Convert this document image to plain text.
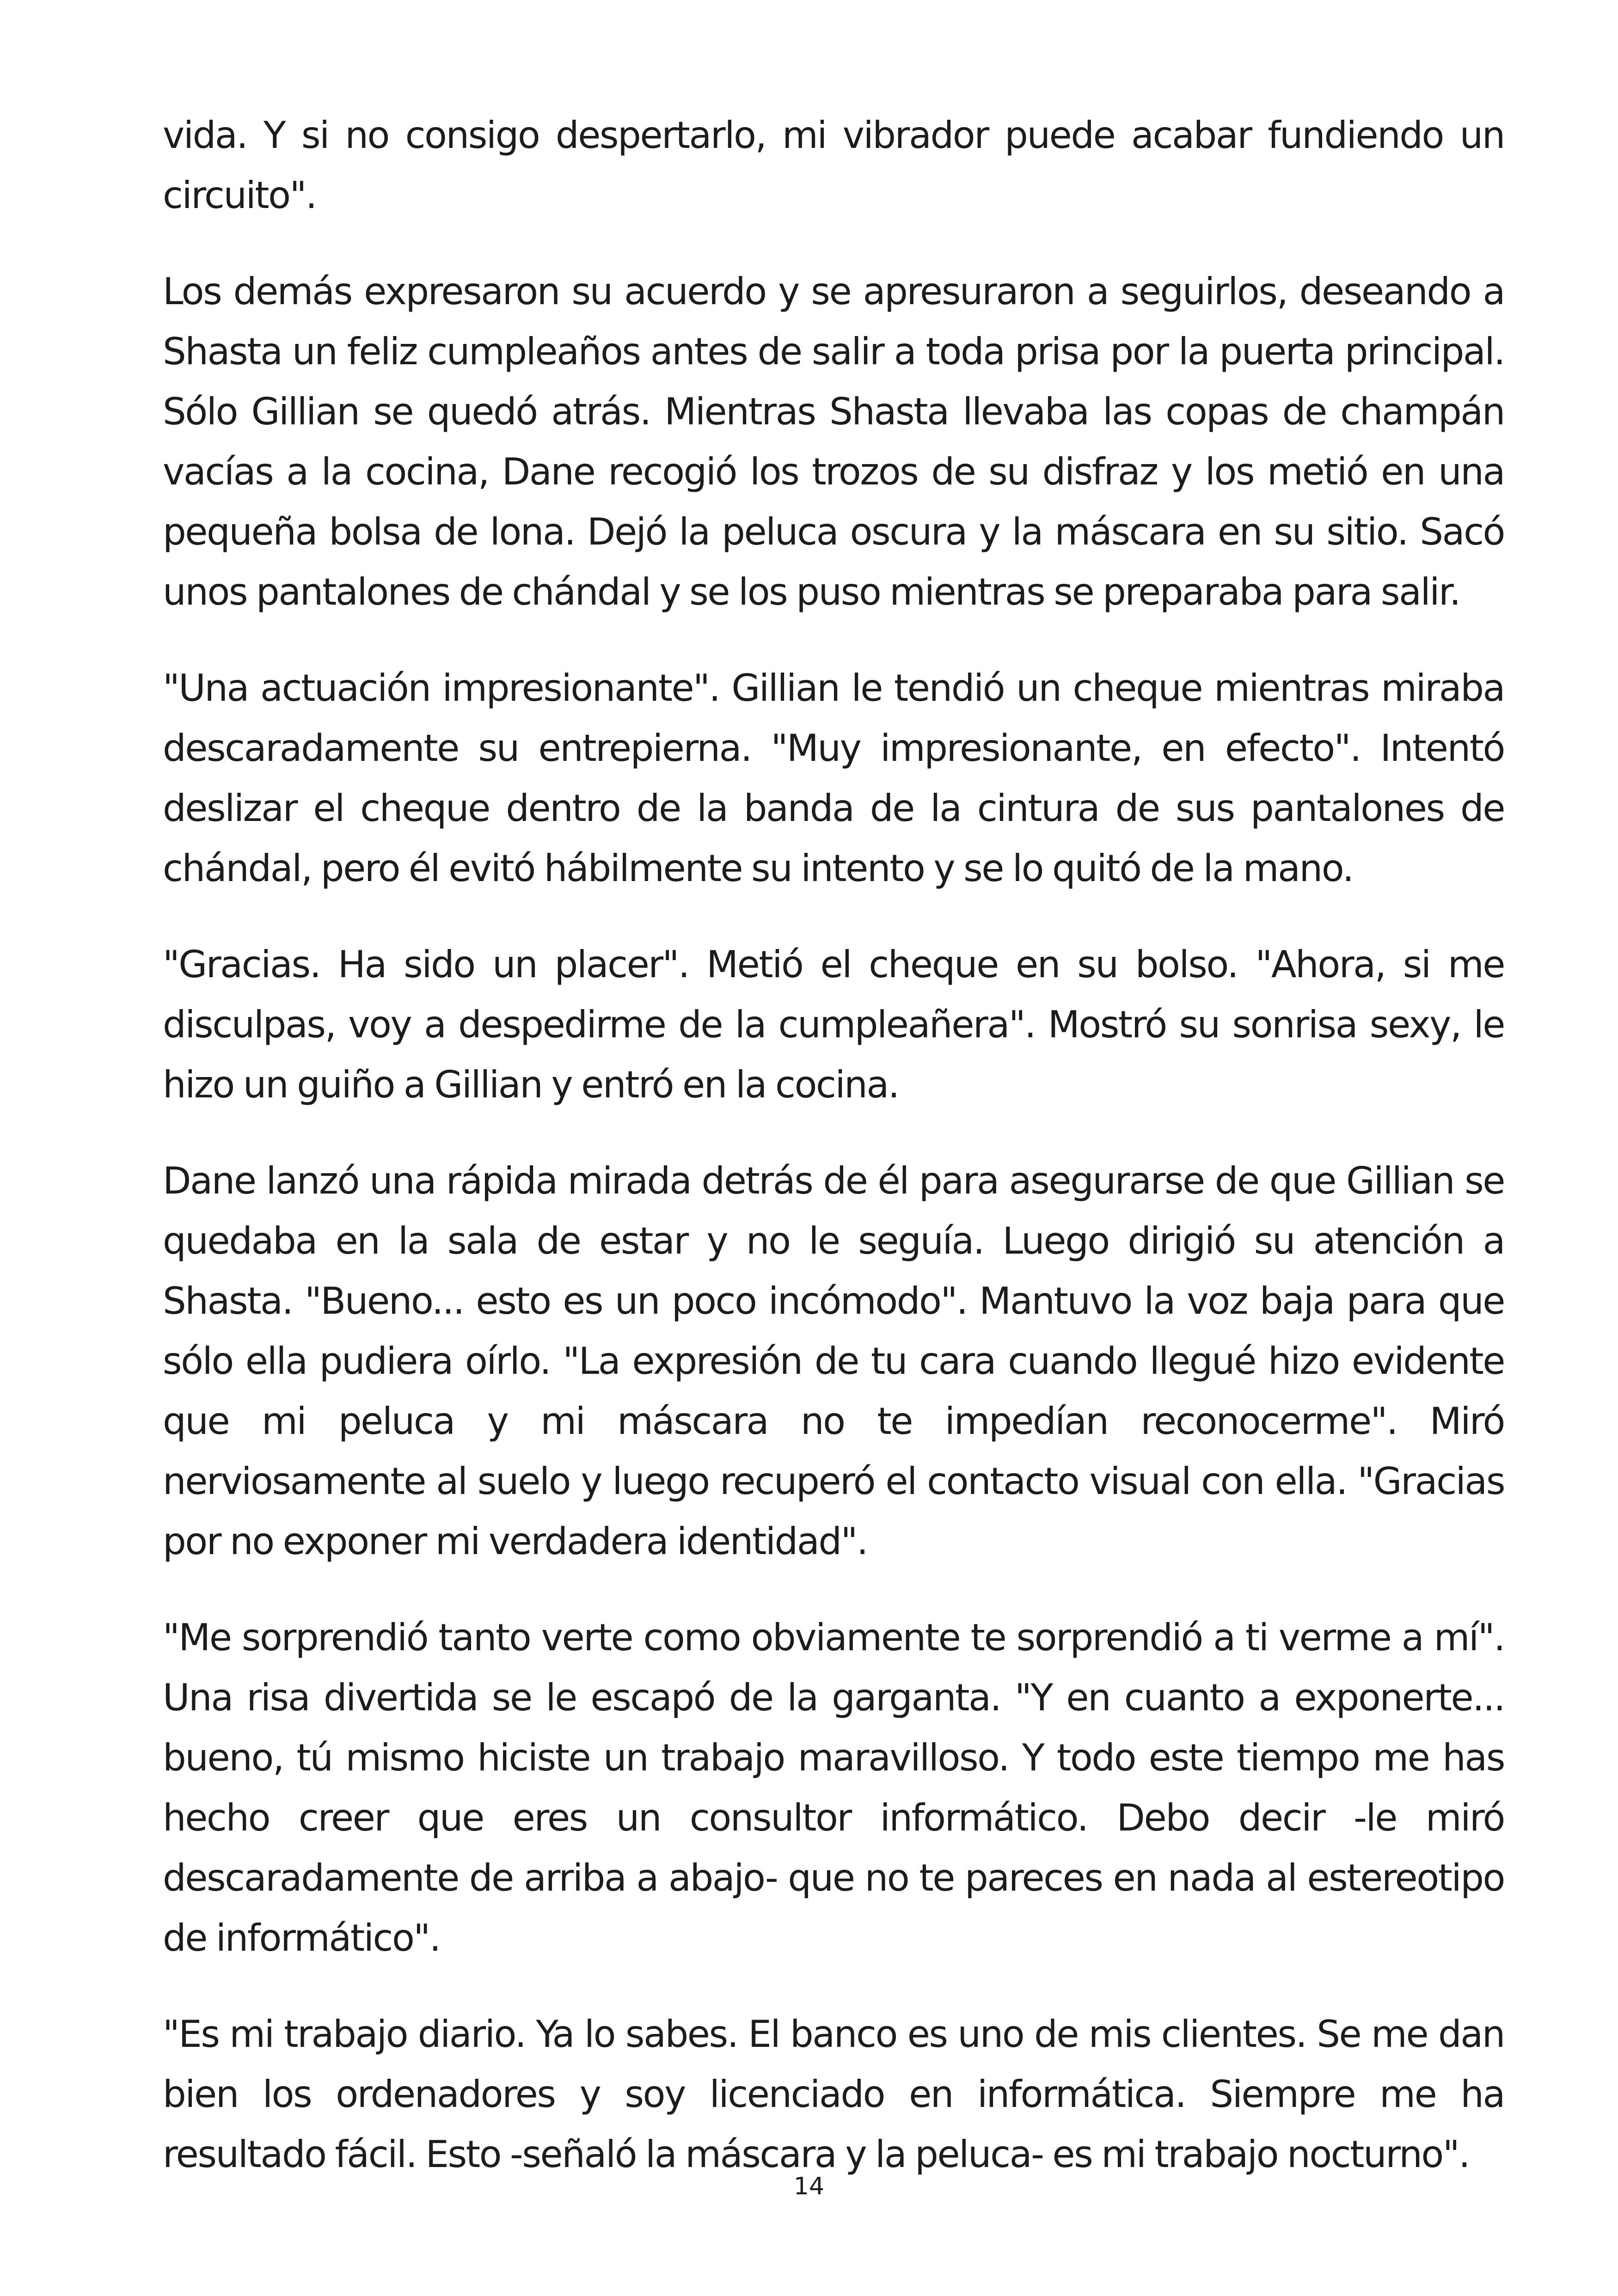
vida. Y si no consigo despertarlo, mi vibrador puede acabar fundiendo un circuito".

Los demás expresaron su acuerdo y se apresuraron a seguirlos, deseando a Shasta un feliz cumpleaños antes de salir a toda prisa por la puerta principal. Sólo Gillian se quedó atrás. Mientras Shasta llevaba las copas de champán vacías a la cocina, Dane recogió los trozos de su disfraz y los metió en una pequeña bolsa de lona. Dejó la peluca oscura y la máscara en su sitio. Sacó unos pantalones de chándal y se los puso mientras se preparaba para salir.

"Una actuación impresionante". Gillian le tendió un cheque mientras miraba descaradamente su entrepierna. "Muy impresionante, en efecto". Intentó deslizar el cheque dentro de la banda de la cintura de sus pantalones de chándal, pero él evitó hábilmente su intento y se lo quitó de la mano.

"Gracias. Ha sido un placer". Metió el cheque en su bolso. "Ahora, si me disculpas, voy a despedirme de la cumpleañera". Mostró su sonrisa sexy, le hizo un guiño a Gillian y entró en la cocina.

Dane lanzó una rápida mirada detrás de él para asegurarse de que Gillian se quedaba en la sala de estar y no le seguía. Luego dirigió su atención a Shasta. "Bueno... esto es un poco incómodo". Mantuvo la voz baja para que sólo ella pudiera oírlo. "La expresión de tu cara cuando llegué hizo evidente que mi peluca y mi máscara no te impedían reconocerme". Miró nerviosamente al suelo y luego recuperó el contacto visual con ella. "Gracias por no exponer mi verdadera identidad".

"Me sorprendió tanto verte como obviamente te sorprendió a ti verme a mí". Una risa divertida se le escapó de la garganta. "Y en cuanto a exponerte... bueno, tú mismo hiciste un trabajo maravilloso. Y todo este tiempo me has hecho creer que eres un consultor informático. Debo decir -le miró descaradamente de arriba a abajo- que no te pareces en nada al estereotipo de informático".

"Es mi trabajo diario. Ya lo sabes. El banco es uno de mis clientes. Se me dan bien los ordenadores y soy licenciado en informática. Siempre me ha resultado fácil. Esto -señaló la máscara y la peluca- es mi trabajo nocturno".

14
